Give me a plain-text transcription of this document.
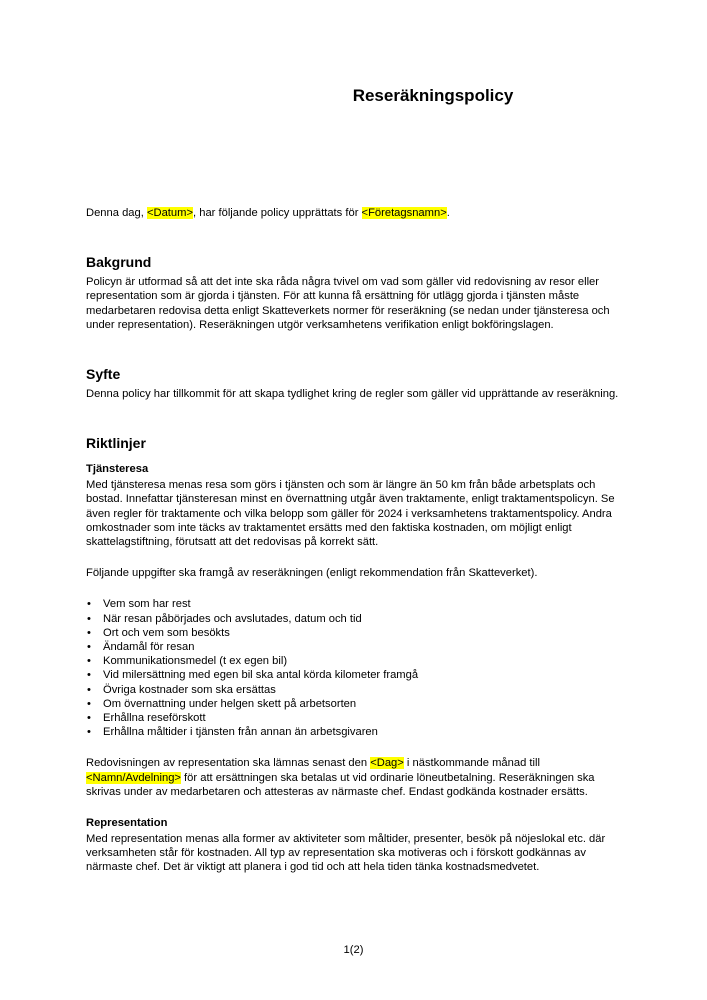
Reseräkningspolicy

Denna dag, <Datum>, har följande policy upprättats för <Företagsnamn>.

Bakgrund

Policyn är utformad så att det inte ska råda några tvivel om vad som gäller vid redovisning av resor eller representation som är gjorda i tjänsten. För att kunna få ersättning för utlägg gjorda i tjänsten måste medarbetaren redovisa detta enligt Skatteverkets normer för reseräkning (se nedan under tjänsteresa och under representation). Reseräkningen utgör verksamhetens verifikation enligt bokföringslagen.

Syfte

Denna policy har tillkommit för att skapa tydlighet kring de regler som gäller vid upprättande av reseräkning.

Riktlinjer
Tjänsteresa

Med tjänsteresa menas resa som görs i tjänsten och som är längre än 50 km från både arbetsplats och bostad. Innefattar tjänsteresan minst en övernattning utgår även traktamente, enligt traktamentspolicyn. Se även regler för traktamente och vilka belopp som gäller för 2024 i verksamhetens traktamentspolicy. Andra omkostnader som inte täcks av traktamentet ersätts med den faktiska kostnaden, om möjligt enligt skattelagstiftning, förutsatt att det redovisas på korrekt sätt.

Följande uppgifter ska framgå av reseräkningen (enligt rekommendation från Skatteverket).

• Vem som har rest
• När resan påbörjades och avslutades, datum och tid
• Ort och vem som besökts
• Ändamål för resan
• Kommunikationsmedel (t ex egen bil)
• Vid milersättning med egen bil ska antal körda kilometer framgå
• Övriga kostnader som ska ersättas
• Om övernattning under helgen skett på arbetsorten
• Erhållna reseförskott
• Erhållna måltider i tjänsten från annan än arbetsgivaren

Redovisningen av representation ska lämnas senast den <Dag> i nästkommande månad till <Namn/Avdelning> för att ersättningen ska betalas ut vid ordinarie löneutbetalning. Reseräkningen ska skrivas under av medarbetaren och attesteras av närmaste chef. Endast godkända kostnader ersätts.

Representation

Med representation menas alla former av aktiviteter som måltider, presenter, besök på nöjeslokal etc. där verksamheten står för kostnaden. All typ av representation ska motiveras och i förskott godkännas av närmaste chef. Det är viktigt att planera i god tid och att hela tiden tänka kostnadsmedvetet.

1(2)
